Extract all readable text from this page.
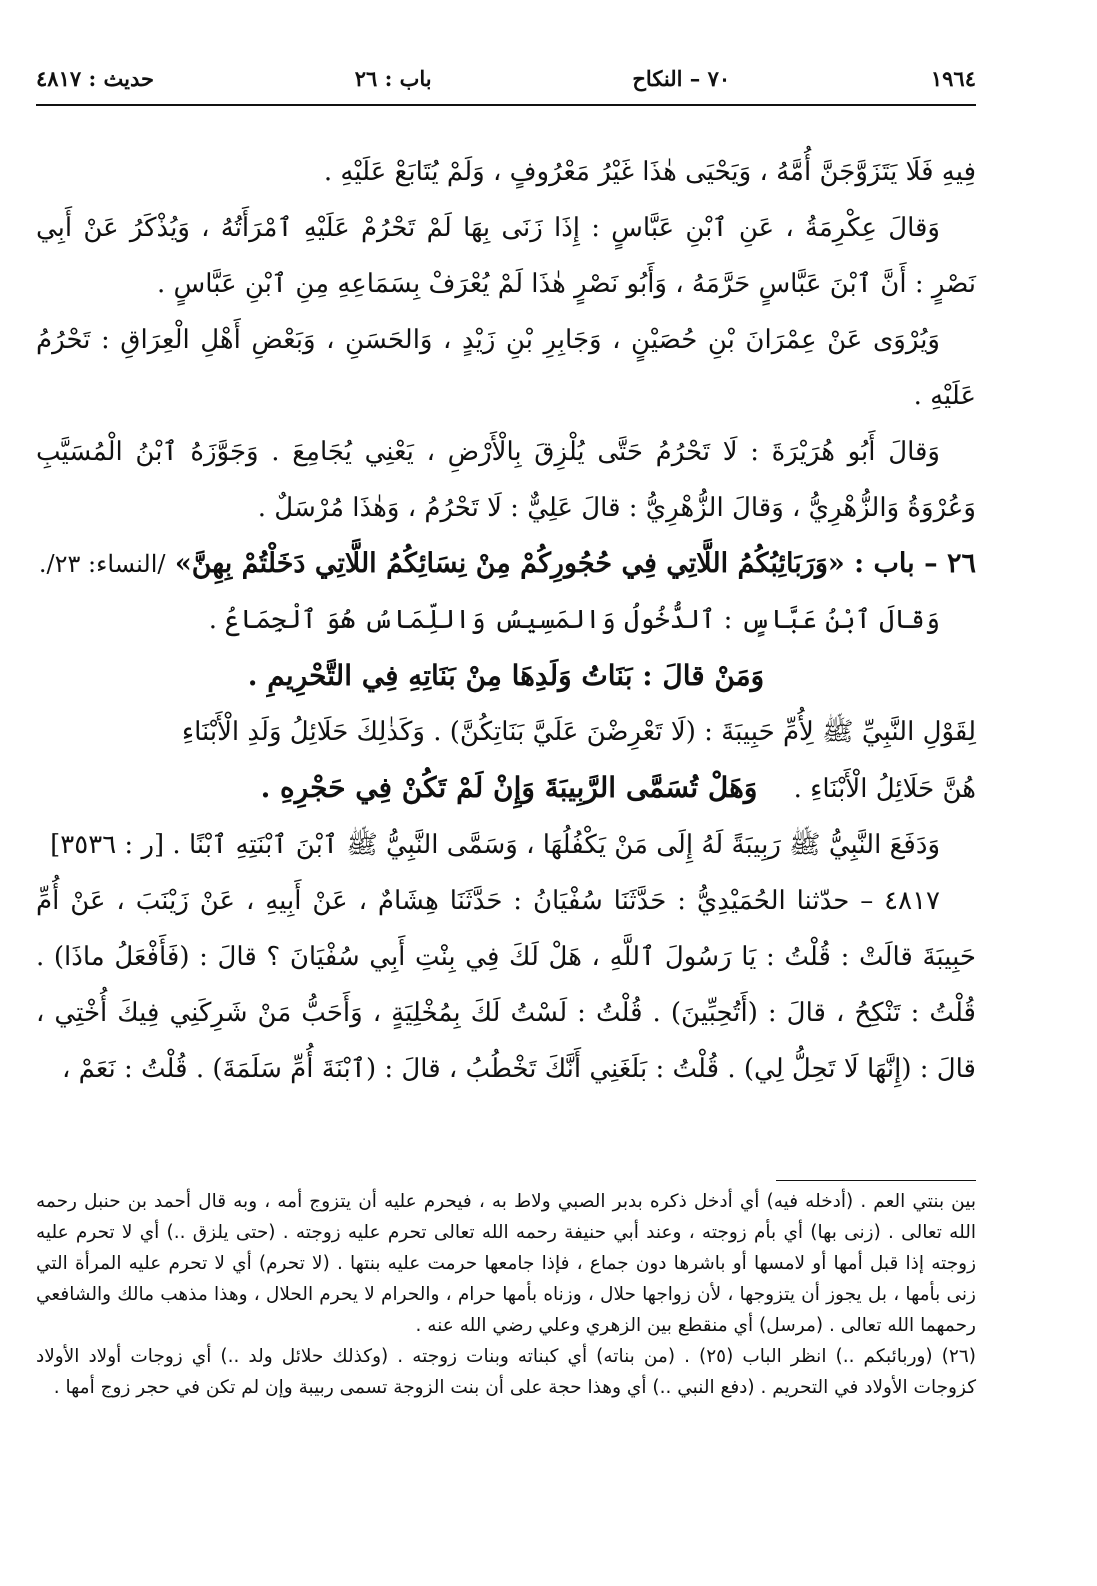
١٩٦٤
٧٠ – النكاح
باب : ٢٦
حديث : ٤٨١٧

فِيهِ فَلَا يَتَزَوَّجَنَّ أُمَّهُ ، وَيَحْيَى هٰذَا غَيْرُ مَعْرُوفٍ ، وَلَمْ يُتَابَعْ عَلَيْهِ .

وَقالَ عِكْرِمَةُ ، عَنِ ٱبْنِ عَبَّاسٍ : إِذَا زَنَى بِهَا لَمْ تَحْرُمْ عَلَيْهِ ٱمْرَأَتُهُ ، وَيُذْكَرُ عَنْ أَبِي نَصْرٍ : أَنَّ ٱبْنَ عَبَّاسٍ حَرَّمَهُ ، وَأَبُو نَصْرٍ هٰذَا لَمْ يُعْرَفْ بِسَمَاعِهِ مِنِ ٱبْنِ عَبَّاسٍ .

وَيُرْوَى عَنْ عِمْرَانَ بْنِ حُصَيْنٍ ، وَجَابِرِ بْنِ زَيْدٍ ، وَالحَسَنِ ، وَبَعْضِ أَهْلِ الْعِرَاقِ : تَحْرُمُ عَلَيْهِ .

وَقالَ أَبُو هُرَيْرَةَ : لَا تَحْرُمُ حَتَّى يُلْزِقَ بِالْأَرْضِ ، يَعْنِي يُجَامِعَ . وَجَوَّزَهُ ٱبْنُ الْمُسَيَّبِ وَعُرْوَةُ وَالزُّهْرِيُّ ، وَقالَ الزُّهْرِيُّ : قالَ عَلِيٌّ : لَا تَحْرُمُ ، وَهٰذَا مُرْسَلٌ .

٢٦ – باب : «وَرَبَائِبُكُمُ اللَّاتِي فِي حُجُورِكُمْ مِنْ نِسَائِكُمُ اللَّاتِي دَخَلْتُمْ بِهِنَّ» /النساء: ٢٣/.

وَقالَ ٱبْنُ عَبَّاسٍ : ٱلدُّخُولُ وَالمَسِيسُ وَاللِّمَاسُ هُوَ ٱلْجِمَاعُ .

وَمَنْ قالَ : بَنَاتُ وَلَدِهَا مِنْ بَنَاتِهِ فِي التَّحْرِيمِ .

لِقَوْلِ النَّبِيِّ ﷺ لِأُمِّ حَبِيبَةَ : (لَا تَعْرِضْنَ عَلَيَّ بَنَاتِكُنَّ) . وَكَذٰلِكَ حَلَائِلُ وَلَدِ الْأَبْنَاءِ

هُنَّ حَلَائِلُ الْأَبْنَاءِ . وَهَلْ تُسَمَّى الرَّبِيبَةَ وَإِنْ لَمْ تَكُنْ فِي حَجْرِهِ .

وَدَفَعَ النَّبِيُّ ﷺ رَبِيبَةً لَهُ إِلَى مَنْ يَكْفُلُهَا ، وَسَمَّى النَّبِيُّ ﷺ ٱبْنَ ٱبْنَتِهِ ٱبْنًا . [ر : ٣٥٣٦]

٤٨١٧ – حدّثنا الحُمَيْدِيُّ : حَدَّثَنَا سُفْيَانُ : حَدَّثَنَا هِشَامٌ ، عَنْ أَبِيهِ ، عَنْ زَيْنَبَ ، عَنْ أُمِّ حَبِيبَةَ قالَتْ : قُلْتُ : يَا رَسُولَ ٱللَّهِ ، هَلْ لَكَ فِي بِنْتِ أَبِي سُفْيَانَ ؟ قالَ : (فَأَفْعَلُ ماذَا) . قُلْتُ : تَنْكِحُ ، قالَ : (أَتُحِبِّينَ) . قُلْتُ : لَسْتُ لَكَ بِمُخْلِيَةٍ ، وَأَحَبُّ مَنْ شَرِكَنِي فِيكَ أُخْتِي ، قالَ : (إِنَّهَا لَا تَحِلُّ لِي) . قُلْتُ : بَلَغَنِي أَنَّكَ تَخْطُبُ ، قالَ : (ٱبْنَةَ أُمِّ سَلَمَةَ) . قُلْتُ : نَعَمْ ،

بين بنتي العم . (أدخله فيه) أي أدخل ذكره بدبر الصبي ولاط به ، فيحرم عليه أن يتزوج أمه ، وبه قال أحمد بن حنبل رحمه الله تعالى . (زنى بها) أي بأم زوجته ، وعند أبي حنيفة رحمه الله تعالى تحرم عليه زوجته . (حتى يلزق ..) أي لا تحرم عليه زوجته إذا قبل أمها أو لامسها أو باشرها دون جماع ، فإذا جامعها حرمت عليه بنتها . (لا تحرم) أي لا تحرم عليه المرأة التي زنى بأمها ، بل يجوز أن يتزوجها ، لأن زواجها حلال ، وزناه بأمها حرام ، والحرام لا يحرم الحلال ، وهذا مذهب مالك والشافعي رحمهما الله تعالى . (مرسل) أي منقطع بين الزهري وعلي رضي الله عنه .

(٢٦) (وربائبكم ..) انظر الباب (٢٥) . (من بناته) أي كبناته وبنات زوجته . (وكذلك حلائل ولد ..) أي زوجات أولاد الأولاد كزوجات الأولاد في التحريم . (دفع النبي ..) أي وهذا حجة على أن بنت الزوجة تسمى ربيبة وإن لم تكن في حجر زوج أمها .
